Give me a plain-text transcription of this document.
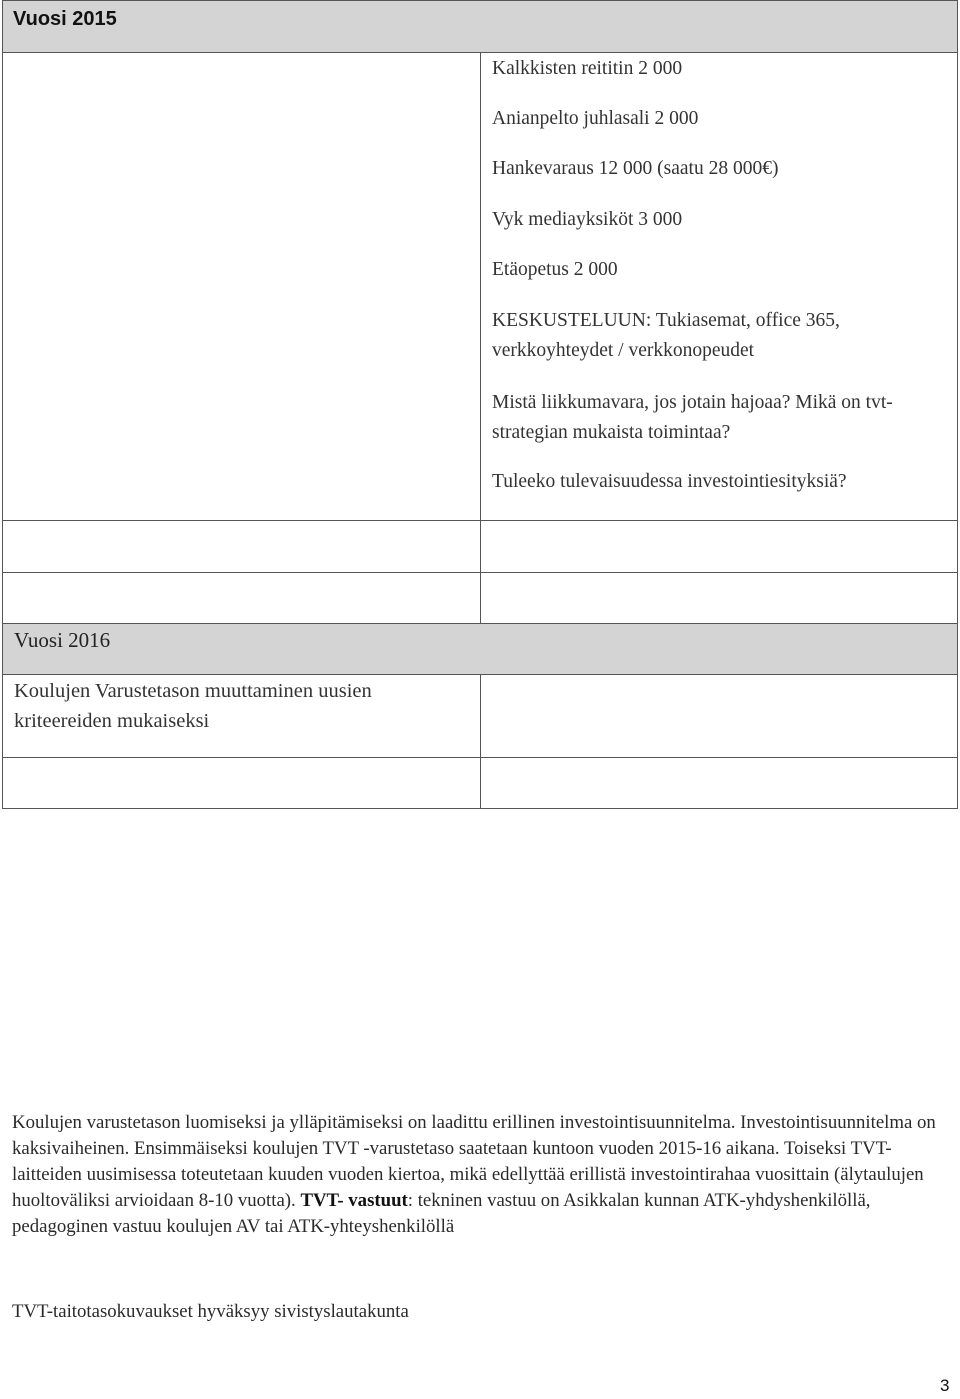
Vuosi 2015
Kalkkisten reititin 2 000
Anianpelto juhlasali 2 000
Hankevaraus 12 000 (saatu 28 000€)
Vyk mediayksiköt 3 000
Etäopetus 2 000
KESKUSTELUUN: Tukiasemat, office 365, verkkoyhteydet / verkkonopeudet
Mistä liikkumavara, jos jotain hajoaa? Mikä on tvt-strategian mukaista toimintaa?
Tuleeko tulevaisuudessa investointiesityksiä?
Vuosi 2016
Koulujen Varustetason muuttaminen uusien kriteereiden mukaiseksi

Koulujen varustetason luomiseksi ja ylläpitämiseksi on laadittu erillinen investointisuunnitelma. Investointisuunnitelma on kaksivaiheinen. Ensimmäiseksi koulujen TVT -varustetaso saatetaan kuntoon vuoden 2015-16 aikana. Toiseksi TVT-laitteiden uusimisessa toteutetaan kuuden vuoden kiertoa, mikä edellyttää erillistä investointirahaa vuosittain (älytaulujen huoltoväliksi arvioidaan 8-10 vuotta). TVT- vastuut: tekninen vastuu on Asikkalan kunnan ATK-yhdyshenkilöllä, pedagoginen vastuu koulujen AV tai ATK-yhteyshenkilöllä

TVT-taitotasokuvaukset hyväksyy sivistyslautakunta

3
